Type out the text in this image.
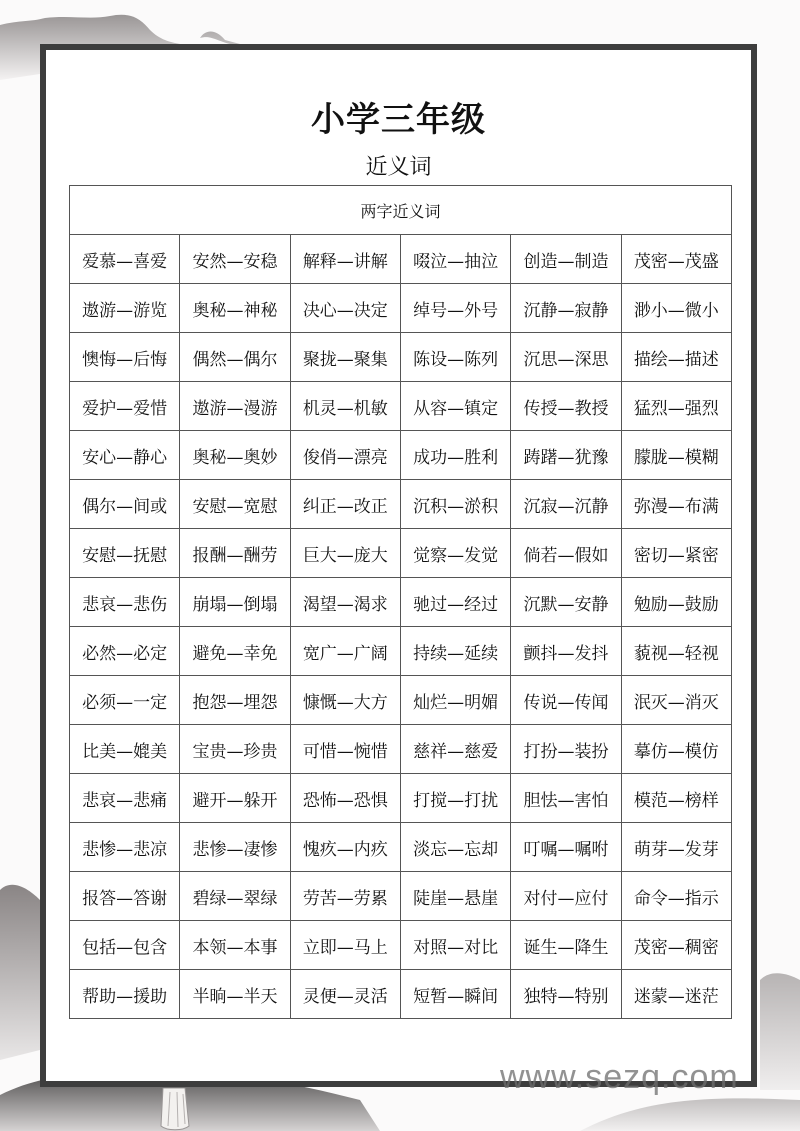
小学三年级
近义词
两字近义词					
爱慕—喜爱	安然—安稳	解释—讲解	啜泣—抽泣	创造—制造	茂密—茂盛
遨游—游览	奥秘—神秘	决心—决定	绰号—外号	沉静—寂静	渺小—微小
懊悔—后悔	偶然—偶尔	聚拢—聚集	陈设—陈列	沉思—深思	描绘—描述
爱护—爱惜	遨游—漫游	机灵—机敏	从容—镇定	传授—教授	猛烈—强烈
安心—静心	奥秘—奥妙	俊俏—漂亮	成功—胜利	踌躇—犹豫	朦胧—模糊
偶尔—间或	安慰—宽慰	纠正—改正	沉积—淤积	沉寂—沉静	弥漫—布满
安慰—抚慰	报酬—酬劳	巨大—庞大	觉察—发觉	倘若—假如	密切—紧密
悲哀—悲伤	崩塌—倒塌	渴望—渴求	驰过—经过	沉默—安静	勉励—鼓励
必然—必定	避免—幸免	宽广—广阔	持续—延续	颤抖—发抖	藐视—轻视
必须—一定	抱怨—埋怨	慷慨—大方	灿烂—明媚	传说—传闻	泯灭—消灭
比美—媲美	宝贵—珍贵	可惜—惋惜	慈祥—慈爱	打扮—装扮	摹仿—模仿
悲哀—悲痛	避开—躲开	恐怖—恐惧	打搅—打扰	胆怯—害怕	模范—榜样
悲惨—悲凉	悲惨—凄惨	愧疚—内疚	淡忘—忘却	叮嘱—嘱咐	萌芽—发芽
报答—答谢	碧绿—翠绿	劳苦—劳累	陡崖—悬崖	对付—应付	命令—指示
包括—包含	本领—本事	立即—马上	对照—对比	诞生—降生	茂密—稠密
帮助—援助	半晌—半天	灵便—灵活	短暂—瞬间	独特—特别	迷蒙—迷茫
www.sezq.com
